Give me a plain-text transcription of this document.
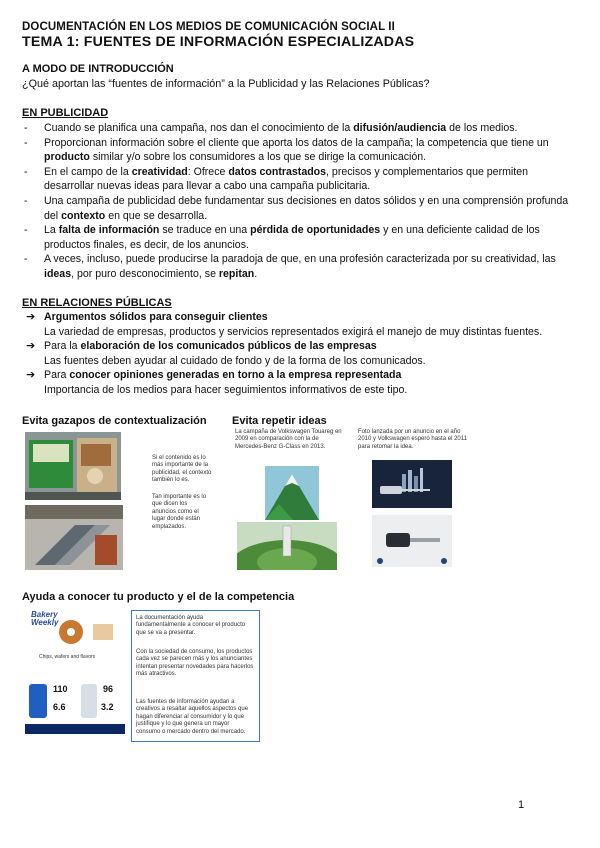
DOCUMENTACIÓN EN LOS MEDIOS DE COMUNICACIÓN SOCIAL II
TEMA 1: FUENTES DE INFORMACIÓN ESPECIALIZADAS
A MODO DE INTRODUCCIÓN
¿Qué aportan las “fuentes de información” a la Publicidad y las Relaciones Públicas?
EN PUBLICIDAD
- Cuando se planifica una campaña, nos dan el conocimiento de la difusión/audiencia de los medios.
- Proporcionan información sobre el cliente que aporta los datos de la campaña; la competencia que tiene un producto similar y/o sobre los consumidores a los que se dirige la comunicación.
- En el campo de la creatividad: Ofrece datos contrastados, precisos y complementarios que permiten desarrollar nuevas ideas para llevar a cabo una campaña publicitaria.
- Una campaña de publicidad debe fundamentar sus decisiones en datos sólidos y en una comprensión profunda del contexto en que se desarrolla.
- La falta de información se traduce en una pérdida de oportunidades y en una deficiente calidad de los productos finales, es decir, de los anuncios.
- A veces, incluso, puede producirse la paradoja de que, en una profesión caracterizada por su creatividad, las ideas, por puro desconocimiento, se repitan.
EN RELACIONES PÚBLICAS
➔ Argumentos sólidos para conseguir clientes
La variedad de empresas, productos y servicios representados exigirá el manejo de muy distintas fuentes.
➔ Para la elaboración de los comunicados públicos de las empresas
Las fuentes deben ayudar al cuidado de fondo y de la forma de los comunicados.
➔ Para conocer opiniones generadas en torno a la empresa representada
Importancia de los medios para hacer seguimientos informativos de este tipo.
Evita gazapos de contextualización
Si el contenido es lo más importante de la publicidad, el contexto también lo es.
Tan importante es lo que dicen los anuncios como el lugar donde están emplazados.
Evita repetir ideas
La campaña de Volkswagen Touareg en 2009 en comparación con la de Mercedes-Benz G-Class en 2013.
Foto lanzada por un anuncio en el año 2010 y Volkswagen esperó hasta el 2011 para retomar la idea.
Ayuda a conocer tu producto y el de la competencia
Bakery Weekly
Chips, wafers and flavors
110
6.6
96
3.2
La documentación ayuda fundamentalmente a conocer el producto que se va a presentar.
Con la sociedad de consumo, los productos cada vez se parecen más y los anunciantes intentan presentar novedades para hacerlos más atractivos.
Las fuentes de información ayudan a creativos a resaltar aquellos aspectos que hagan diferenciar al consumidor y lo que justifique y lo que genera un mayor consumo o mercado dentro del mercado.
1
